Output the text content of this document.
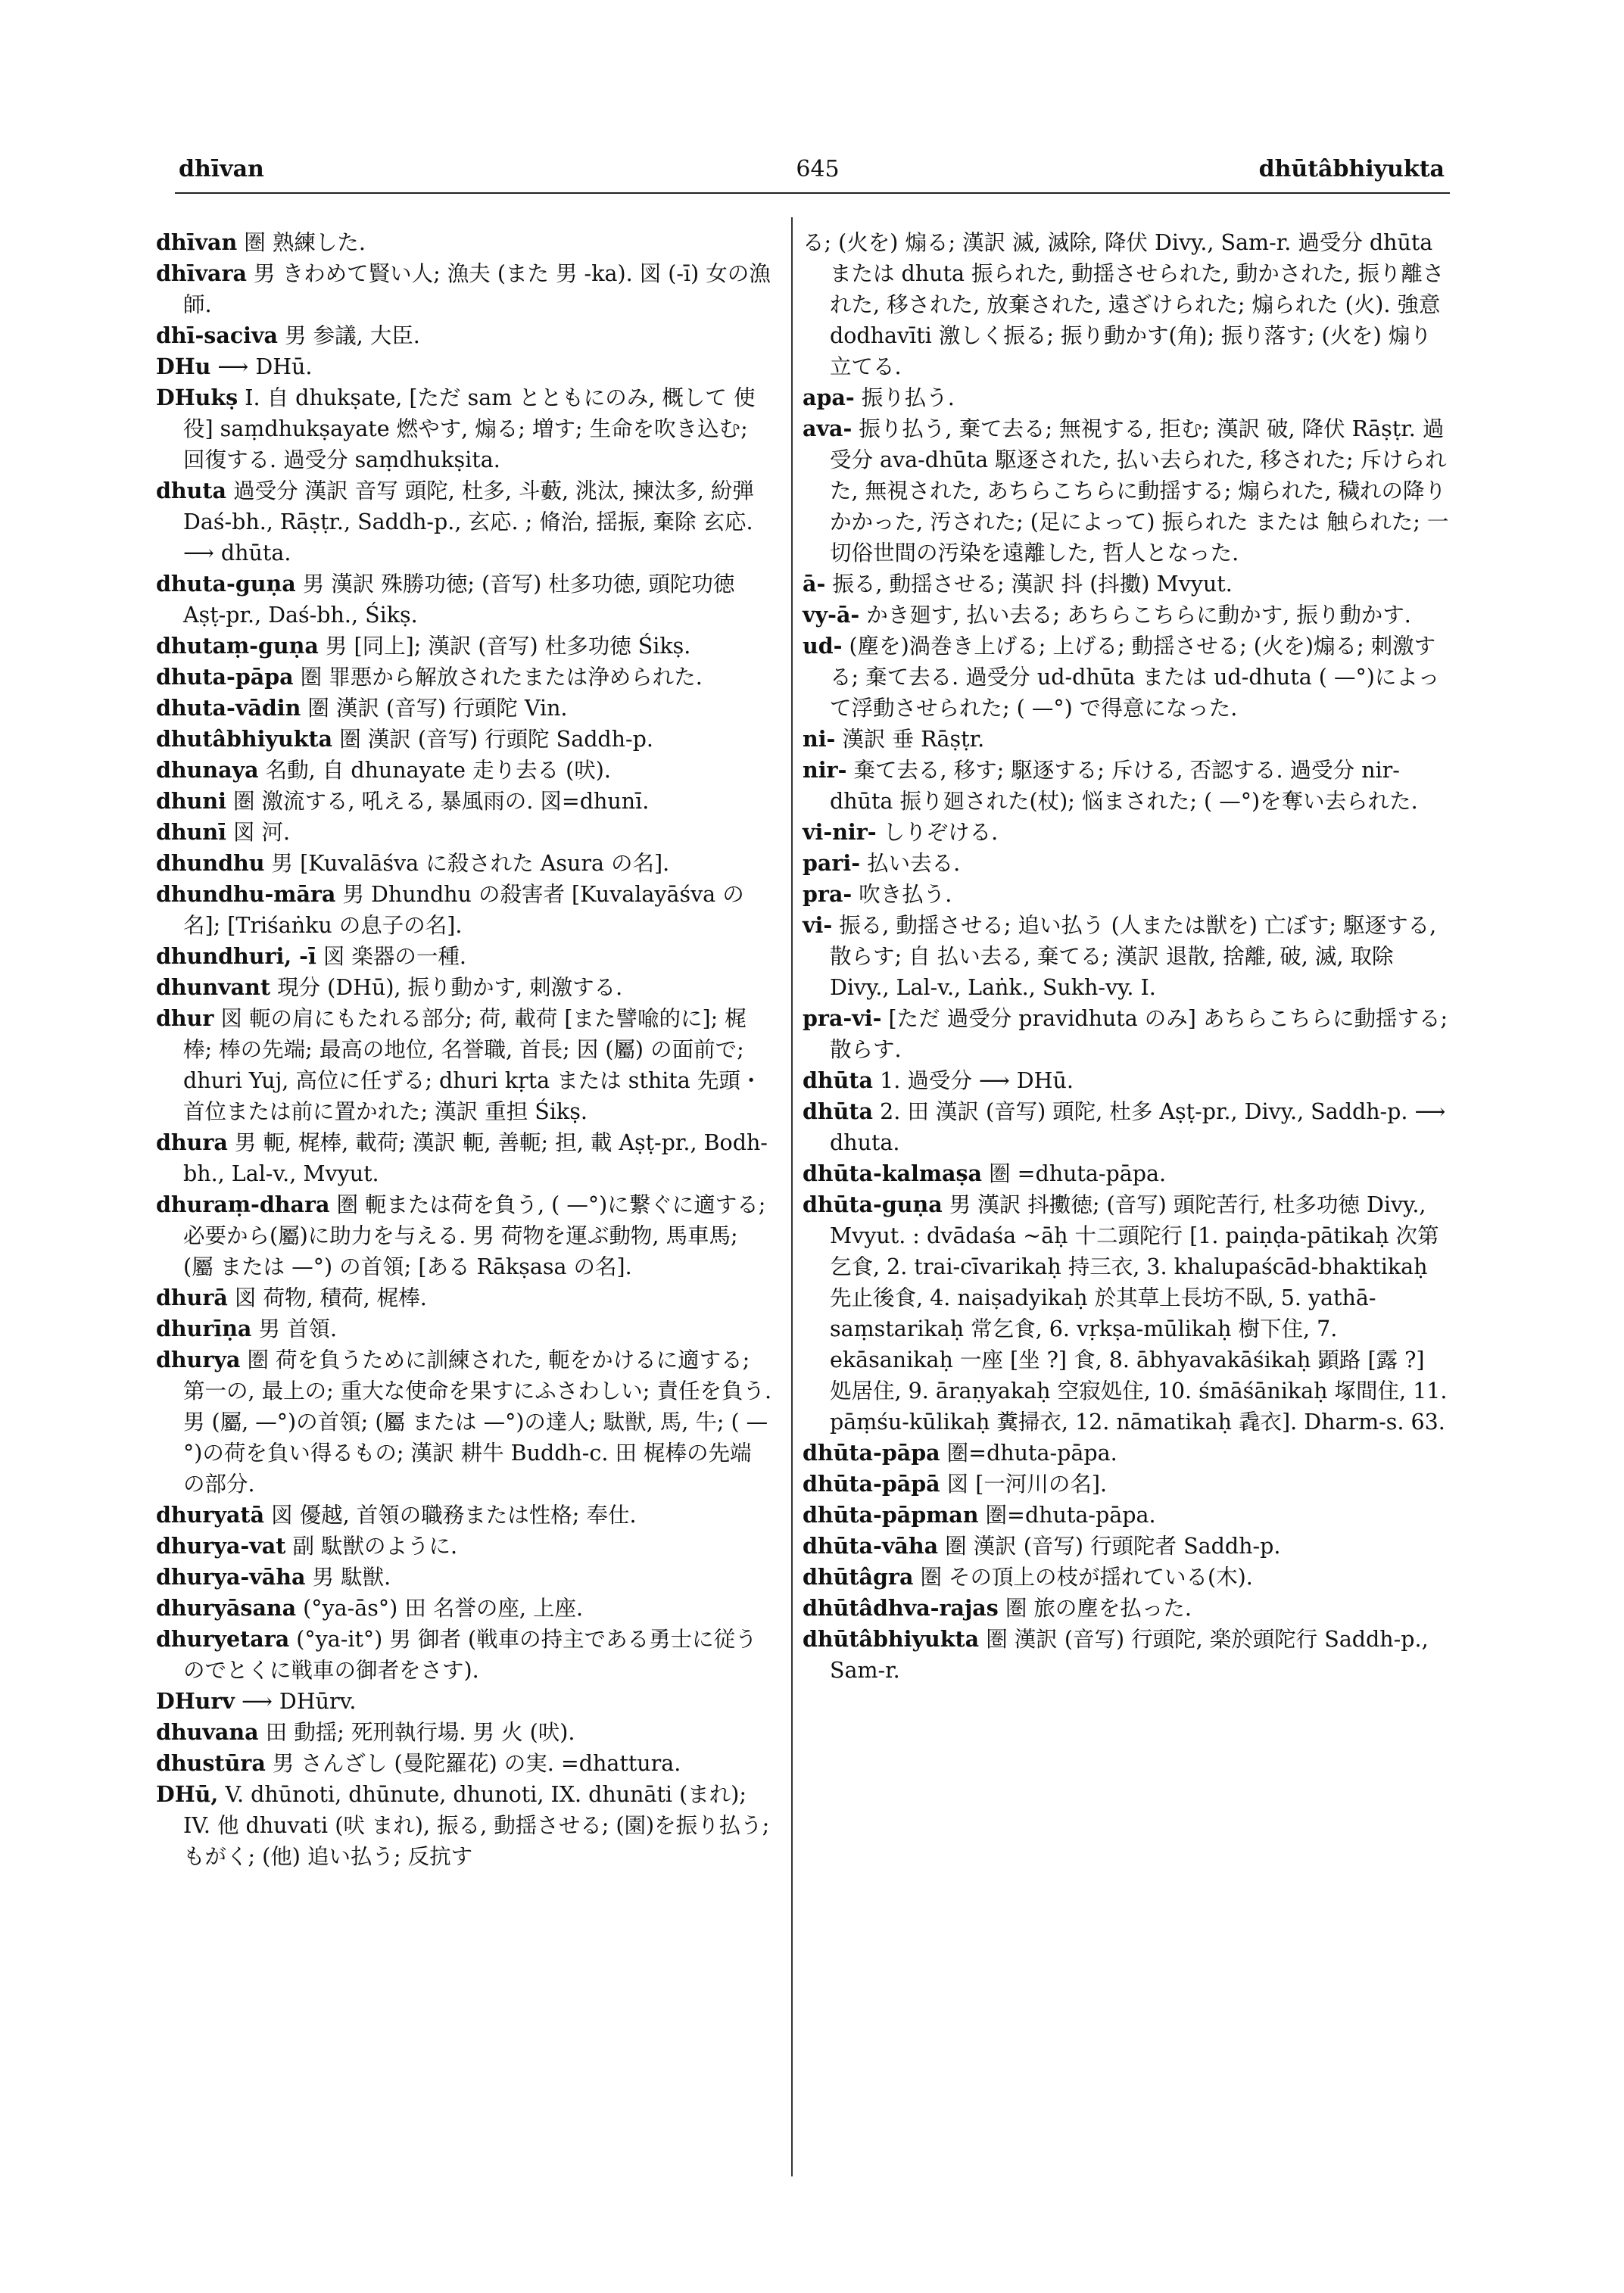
dhīvan	645	dhūtâbhiyukta

dhīvan 圏 熟練した.

dhīvara 男 きわめて賢い人; 漁夫 (また 男 -ka). 図 (-ī) 女の漁師.

dhī-saciva 男 参議, 大臣.

DHu ⟶ DHū.

DHukṣ I. 自 dhukṣate, [ただ sam とともにのみ, 概して 使役] saṃdhukṣayate 燃やす, 煽る; 増す; 生命を吹き込む; 回復する. 過受分 saṃdhukṣita.

dhuta 過受分 漢訳 音写 頭陀, 杜多, 斗藪, 洮汰, 揀汰多, 紛弾 Daś-bh., Rāṣṭr., Saddh-p., 玄応. ; 脩治, 揺振, 棄除 玄応. ⟶ dhūta.

dhuta-guṇa 男 漢訳 殊勝功徳; (音写) 杜多功徳, 頭陀功徳 Aṣṭ-pr., Daś-bh., Śikṣ.

dhutaṃ-guṇa 男 [同上]; 漢訳 (音写) 杜多功徳 Śikṣ.

dhuta-pāpa 圏 罪悪から解放されたまたは浄められた.

dhuta-vādin 圏 漢訳 (音写) 行頭陀 Vin.

dhutâbhiyukta 圏 漢訳 (音写) 行頭陀 Saddh-p.

dhunaya 名動, 自 dhunayate 走り去る (吠).

dhuni 圏 激流する, 吼える, 暴風雨の. 図=dhunī.

dhunī 図 河.

dhundhu 男 [Kuvalāśva に殺された Asura の名].

dhundhu-māra 男 Dhundhu の殺害者 [Kuvalayāśva の名]; [Triśaṅku の息子の名].

dhundhuri, -ī 図 楽器の一種.

dhunvant 現分 (DHū), 振り動かす, 刺激する.

dhur 図 軛の肩にもたれる部分; 荷, 載荷 [また譬喩的に]; 梶棒; 棒の先端; 最高の地位, 名誉職, 首長; 因 (屬) の面前で; dhuri Yuj, 高位に任ずる; dhuri kṛta または sthita 先頭・首位または前に置かれた; 漢訳 重担 Śikṣ.

dhura 男 軛, 梶棒, 載荷; 漢訳 軛, 善軛; 担, 載 Aṣṭ-pr., Bodh-bh., Lal-v., Mvyut.

dhuraṃ-dhara 圏 軛または荷を負う, ( —°)に繋ぐに適する; 必要から(屬)に助力を与える. 男 荷物を運ぶ動物, 馬車馬; (屬 または —°) の首領; [ある Rākṣasa の名].

dhurā 図 荷物, 積荷, 梶棒.

dhurīṇa 男 首領.

dhurya 圏 荷を負うために訓練された, 軛をかけるに適する; 第一の, 最上の; 重大な使命を果すにふさわしい; 責任を負う. 男 (屬, —°)の首領; (屬 または —°)の達人; 駄獣, 馬, 牛; ( —°)の荷を負い得るもの; 漢訳 耕牛 Buddh-c. 田 梶棒の先端の部分.

dhuryatā 図 優越, 首領の職務または性格; 奉仕.

dhurya-vat 副 駄獣のように.

dhurya-vāha 男 駄獣.

dhuryāsana (°ya-ās°) 田 名誉の座, 上座.

dhuryetara (°ya-it°) 男 御者 (戦車の持主である勇士に従うのでとくに戦車の御者をさす).

DHurv ⟶ DHūrv.

dhuvana 田 動揺; 死刑執行場. 男 火 (吠).

dhustūra 男 さんざし (曼陀羅花) の実. =dhattura.

DHū, V. dhūnoti, dhūnute, dhunoti, IX. dhunāti (まれ); IV. 他 dhuvati (吠 まれ), 振る, 動揺させる; (園)を振り払う; もがく; (他) 追い払う; 反抗す

る; (火を) 煽る; 漢訳 滅, 滅除, 降伏 Divy., Sam-r. 過受分 dhūta または dhuta 振られた, 動揺させられた, 動かされた, 振り離された, 移された, 放棄された, 遠ざけられた; 煽られた (火). 強意 dodhavīti 激しく振る; 振り動かす(角); 振り落す; (火を) 煽り立てる.

apa- 振り払う.

ava- 振り払う, 棄て去る; 無視する, 拒む; 漢訳 破, 降伏 Rāṣṭr. 過受分 ava-dhūta 駆逐された, 払い去られた, 移された; 斥けられた, 無視された, あちらこちらに動揺する; 煽られた, 穢れの降りかかった, 汚された; (足によって) 振られた または 触られた; 一切俗世間の汚染を遠離した, 哲人となった.

ā- 振る, 動揺させる; 漢訳 抖 (抖擻) Mvyut.

vy-ā- かき廻す, 払い去る; あちらこちらに動かす, 振り動かす.

ud- (塵を)渦巻き上げる; 上げる; 動揺させる; (火を)煽る; 刺激する; 棄て去る. 過受分 ud-dhūta または ud-dhuta ( —°)によって浮動させられた; ( —°) で得意になった.

ni- 漢訳 垂 Rāṣṭr.

nir- 棄て去る, 移す; 駆逐する; 斥ける, 否認する. 過受分 nir-dhūta 振り廻された(杖); 悩まされた; ( —°)を奪い去られた.

vi-nir- しりぞける.

pari- 払い去る.

pra- 吹き払う.

vi- 振る, 動揺させる; 追い払う (人または獣を) 亡ぼす; 駆逐する, 散らす; 自 払い去る, 棄てる; 漢訳 退散, 捨離, 破, 滅, 取除 Divy., Lal-v., Laṅk., Sukh-vy. I.

pra-vi- [ただ 過受分 pravidhuta のみ] あちらこちらに動揺する; 散らす.

dhūta 1. 過受分 ⟶ DHū.

dhūta 2. 田 漢訳 (音写) 頭陀, 杜多 Aṣṭ-pr., Divy., Saddh-p. ⟶ dhuta.

dhūta-kalmaṣa 圏 =dhuta-pāpa.

dhūta-guṇa 男 漢訳 抖擻徳; (音写) 頭陀苦行, 杜多功徳 Divy., Mvyut. : dvādaśa ~āḥ 十二頭陀行 [1. paiṇḍa-pātikaḥ 次第乞食, 2. trai-cīvarikaḥ 持三衣, 3. khalupaścād-bhaktikaḥ 先止後食, 4. naiṣadyikaḥ 於其草上長坊不臥, 5. yathā-saṃstarikaḥ 常乞食, 6. vṛkṣa-mūlikaḥ 樹下住, 7. ekāsanikaḥ 一座 [坐 ?] 食, 8. ābhyavakāśikaḥ 顕路 [露 ?] 処居住, 9. āraṇyakaḥ 空寂処住, 10. śmāśānikaḥ 塚間住, 11. pāṃśu-kūlikaḥ 糞掃衣, 12. nāmatikaḥ 毳衣]. Dharm-s. 63.

dhūta-pāpa 圏=dhuta-pāpa.

dhūta-pāpā 図 [一河川の名].

dhūta-pāpman 圏=dhuta-pāpa.

dhūta-vāha 圏 漢訳 (音写) 行頭陀者 Saddh-p.

dhūtâgra 圏 その頂上の枝が揺れている(木).

dhūtâdhva-rajas 圏 旅の塵を払った.

dhūtâbhiyukta 圏 漢訳 (音写) 行頭陀, 楽於頭陀行 Saddh-p., Sam-r.
